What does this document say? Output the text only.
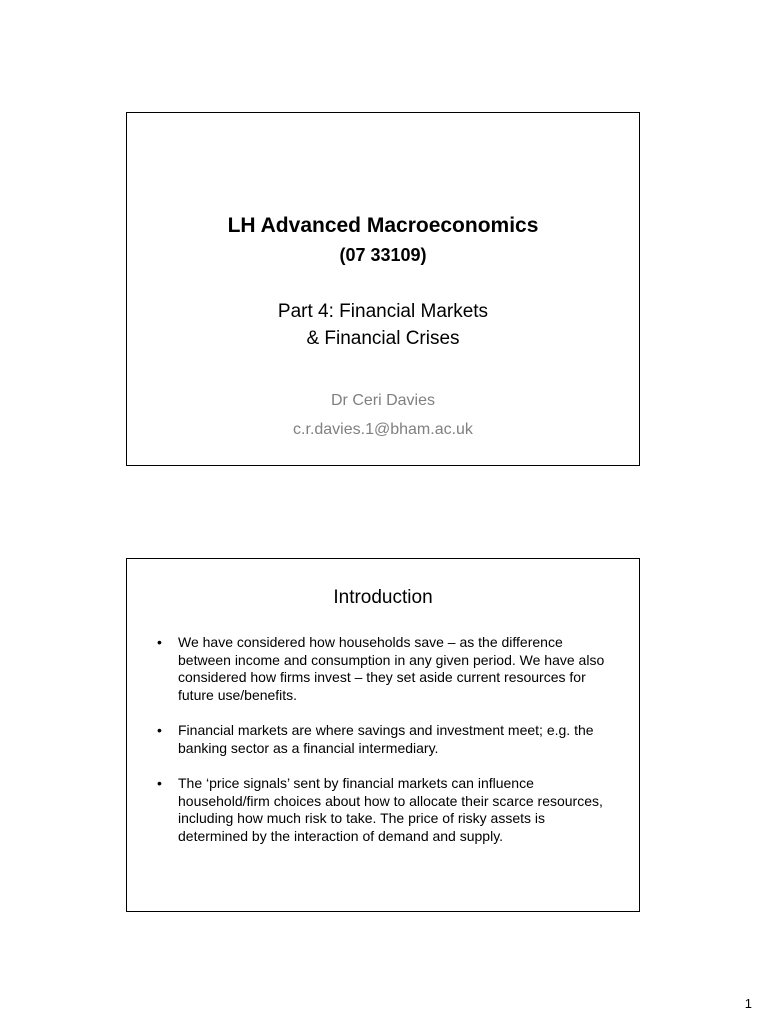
LH Advanced Macroeconomics
(07 33109)
Part 4: Financial Markets
& Financial Crises
Dr Ceri Davies
c.r.davies.1@bham.ac.uk
Introduction
• We have considered how households save – as the difference between income and consumption in any given period. We have also considered how firms invest – they set aside current resources for future use/benefits.
• Financial markets are where savings and investment meet; e.g. the banking sector as a financial intermediary.
• The ‘price signals’ sent by financial markets can influence household/firm choices about how to allocate their scarce resources, including how much risk to take. The price of risky assets is determined by the interaction of demand and supply.
1
